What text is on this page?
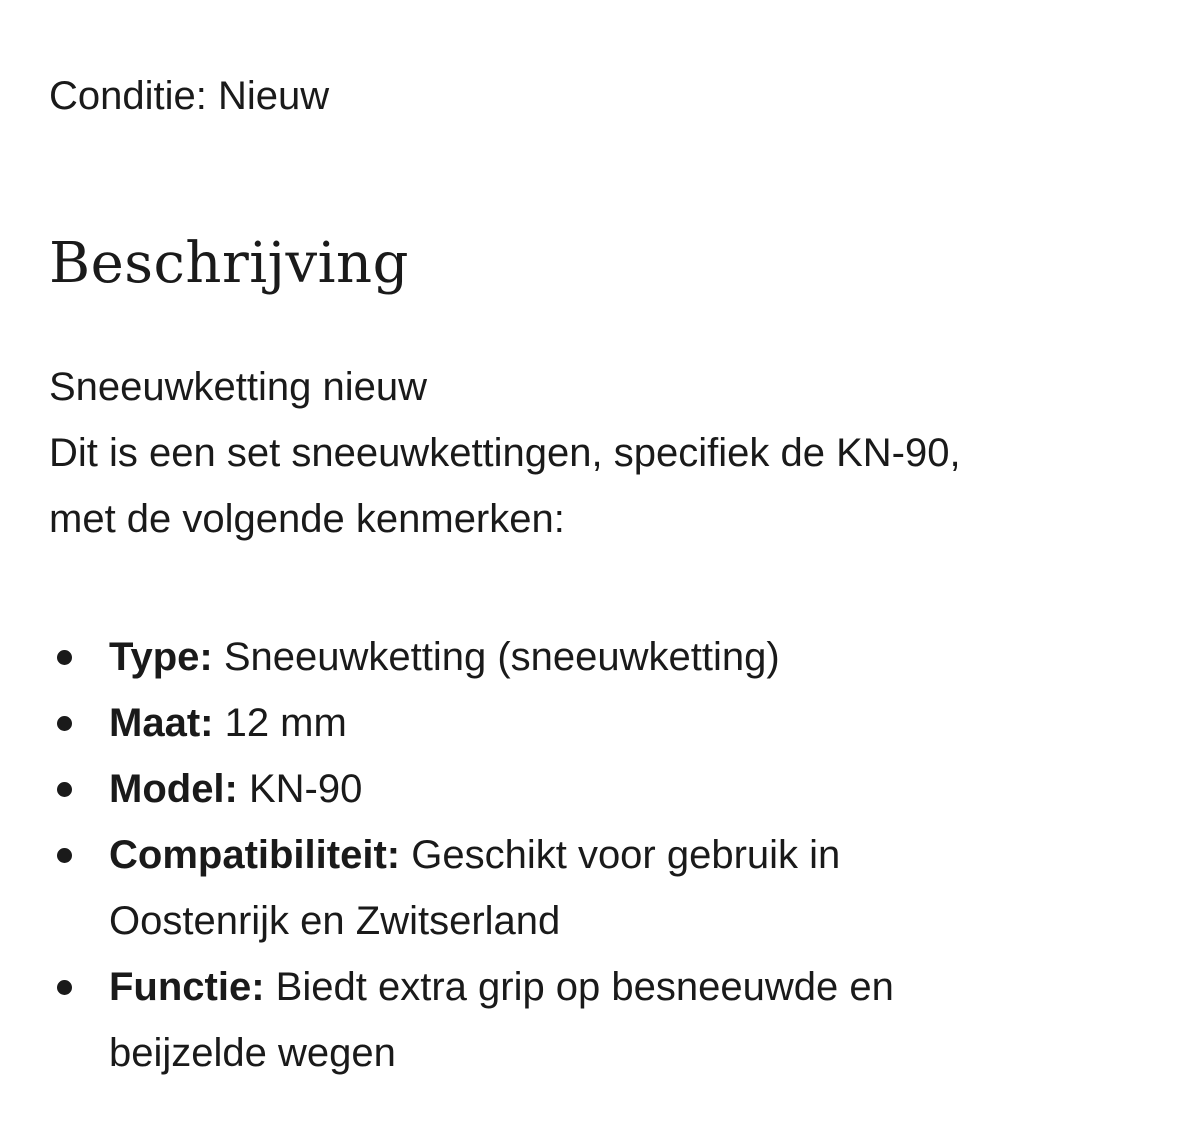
Conditie: Nieuw
Beschrijving
Sneeuwketting nieuw
Dit is een set sneeuwkettingen, specifiek de KN-90,
met de volgende kenmerken:
Type: Sneeuwketting (sneeuwketting)
Maat: 12 mm
Model: KN-90
Compatibiliteit: Geschikt voor gebruik in Oostenrijk en Zwitserland
Functie: Biedt extra grip op besneeuwde en beijzelde wegen
